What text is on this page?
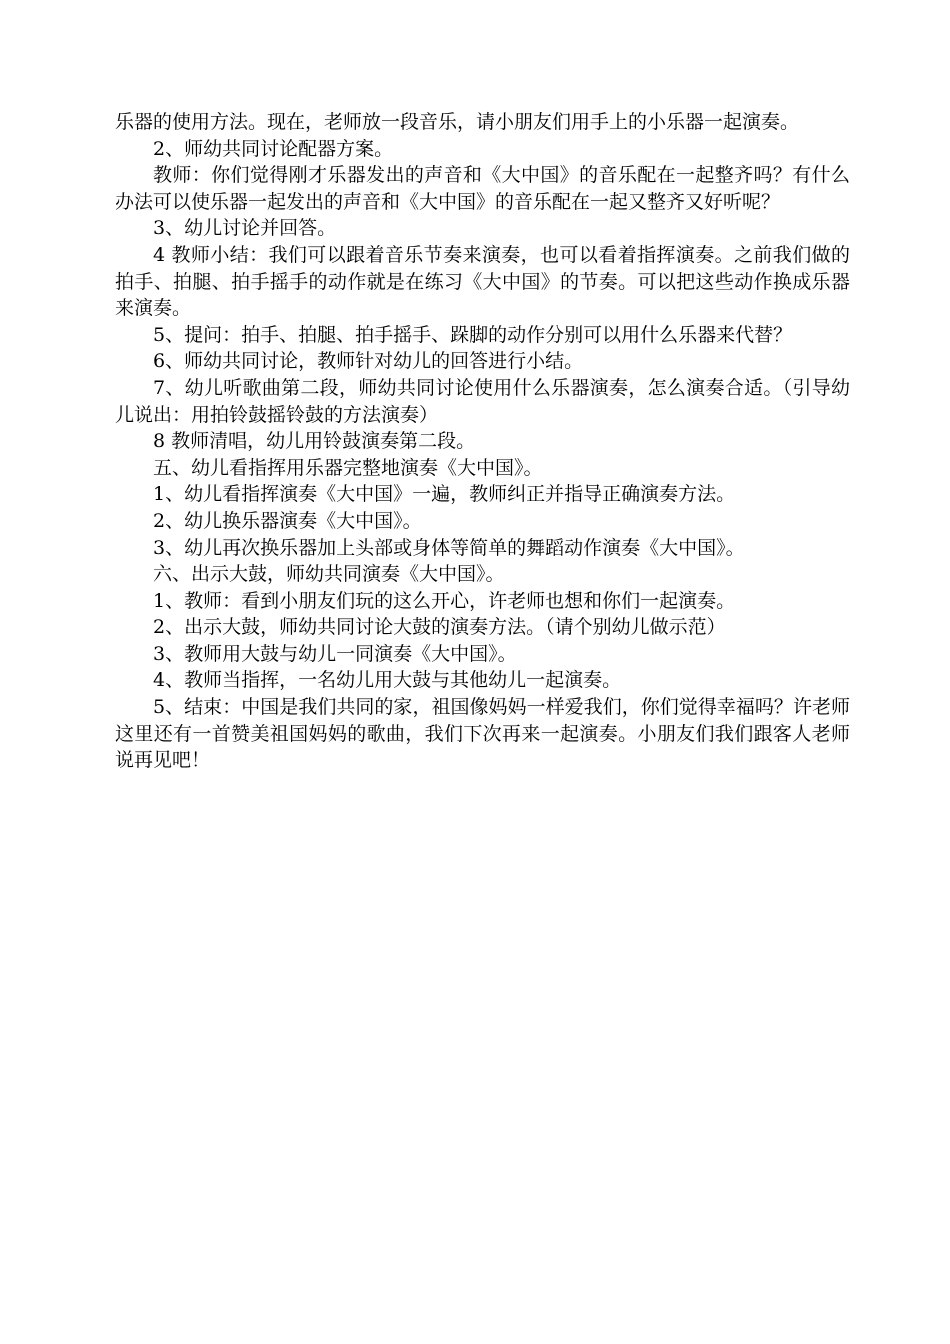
乐器的使用方法。现在，老师放一段音乐，请小朋友们用手上的小乐器一起演奏。

2、师幼共同讨论配器方案。

教师：你们觉得刚才乐器发出的声音和《大中国》的音乐配在一起整齐吗？有什么办法可以使乐器一起发出的声音和《大中国》的音乐配在一起又整齐又好听呢？

3、幼儿讨论并回答。

4 教师小结：我们可以跟着音乐节奏来演奏，也可以看着指挥演奏。之前我们做的拍手、拍腿、拍手摇手的动作就是在练习《大中国》的节奏。可以把这些动作换成乐器来演奏。

5、提问：拍手、拍腿、拍手摇手、跺脚的动作分别可以用什么乐器来代替？

6、师幼共同讨论，教师针对幼儿的回答进行小结。

7、幼儿听歌曲第二段，师幼共同讨论使用什么乐器演奏，怎么演奏合适。（引导幼儿说出：用拍铃鼓摇铃鼓的方法演奏）

8 教师清唱，幼儿用铃鼓演奏第二段。

五、幼儿看指挥用乐器完整地演奏《大中国》。

1、幼儿看指挥演奏《大中国》一遍，教师纠正并指导正确演奏方法。

2、幼儿换乐器演奏《大中国》。

3、幼儿再次换乐器加上头部或身体等简单的舞蹈动作演奏《大中国》。

六、出示大鼓，师幼共同演奏《大中国》。

1、教师：看到小朋友们玩的这么开心，许老师也想和你们一起演奏。

2、出示大鼓，师幼共同讨论大鼓的演奏方法。（请个别幼儿做示范）

3、教师用大鼓与幼儿一同演奏《大中国》。

4、教师当指挥，一名幼儿用大鼓与其他幼儿一起演奏。

5、结束：中国是我们共同的家，祖国像妈妈一样爱我们，你们觉得幸福吗？许老师这里还有一首赞美祖国妈妈的歌曲，我们下次再来一起演奏。小朋友们我们跟客人老师说再见吧！
